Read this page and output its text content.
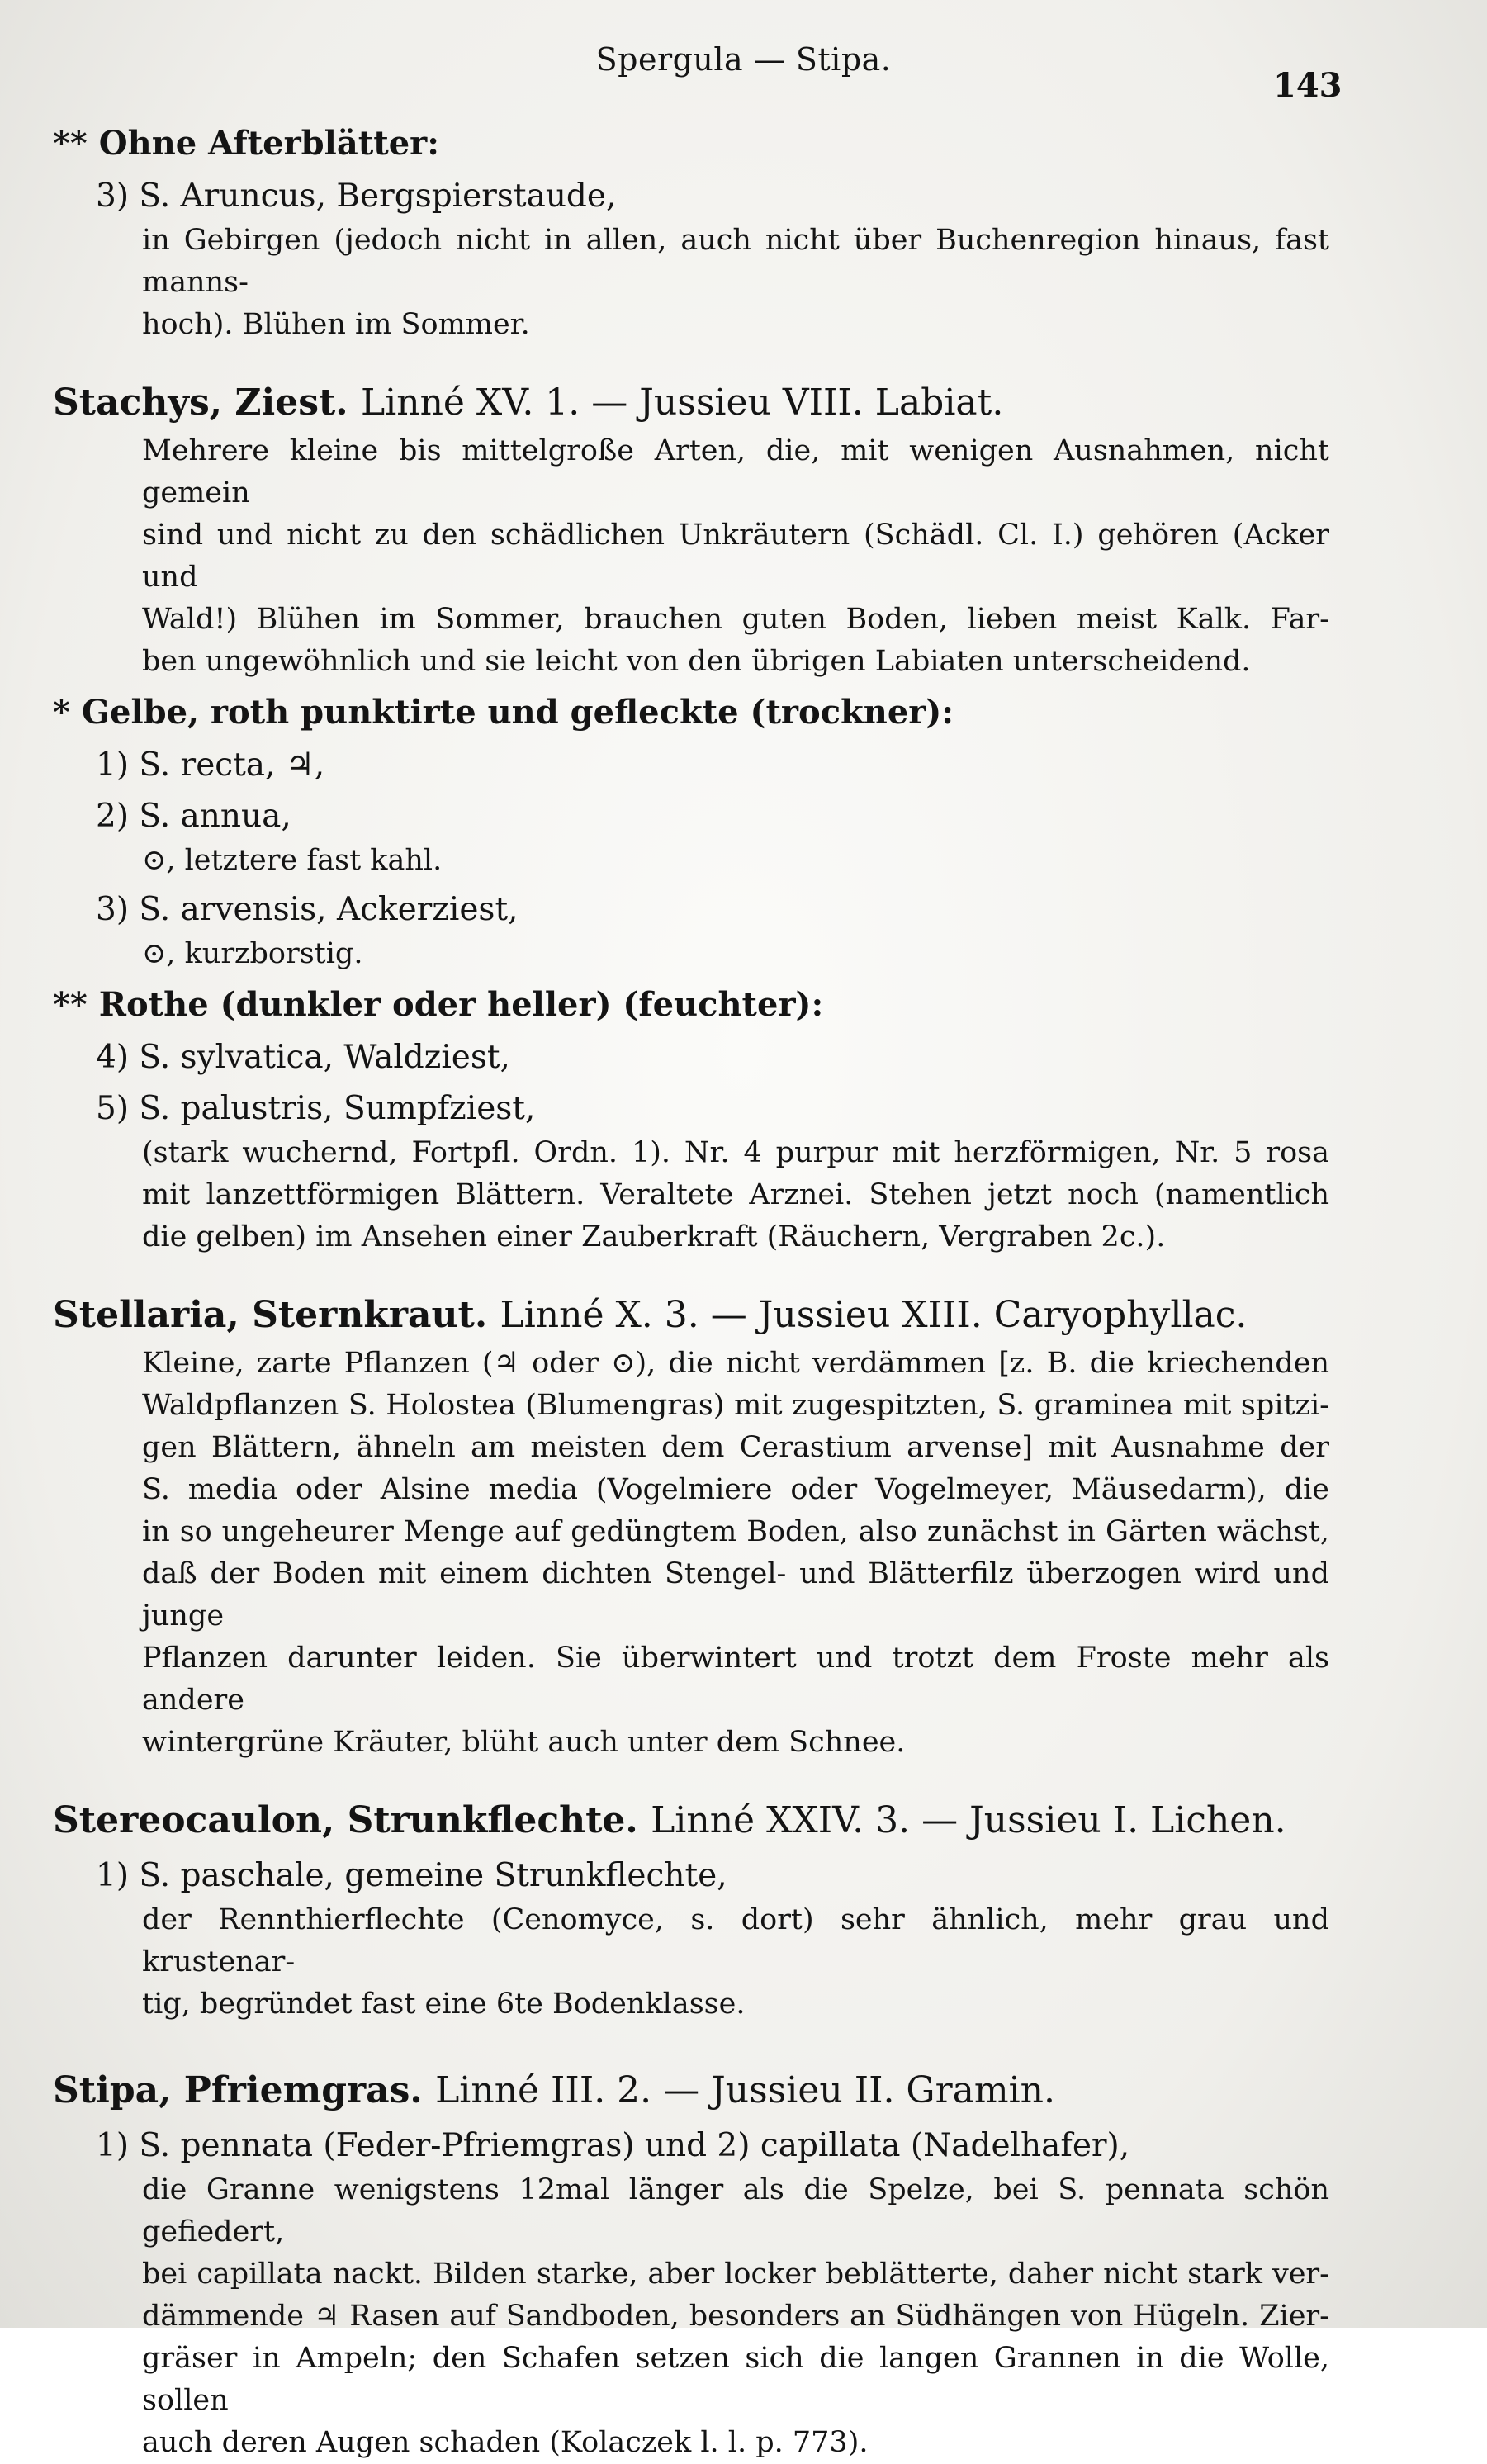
Spergula — Stipa.
143
** Ohne Afterblätter:
3) S. Aruncus, Bergspierstaude,
in Gebirgen (jedoch nicht in allen, auch nicht über Buchenregion hinaus, fast manns-
hoch). Blühen im Sommer.
Stachys, Ziest. Linné XV. 1. — Jussieu VIII. Labiat.
Mehrere kleine bis mittelgroße Arten, die, mit wenigen Ausnahmen, nicht gemein
sind und nicht zu den schädlichen Unkräutern (Schädl. Cl. I.) gehören (Acker und
Wald!) Blühen im Sommer, brauchen guten Boden, lieben meist Kalk. Far-
ben ungewöhnlich und sie leicht von den übrigen Labiaten unterscheidend.
* Gelbe, roth punktirte und gefleckte (trockner):
1) S. recta, ♃,
2) S. annua,
⊙, letztere fast kahl.
3) S. arvensis, Ackerziest,
⊙, kurzborstig.
** Rothe (dunkler oder heller) (feuchter):
4) S. sylvatica, Waldziest,
5) S. palustris, Sumpfziest,
(stark wuchernd, Fortpfl. Ordn. 1). Nr. 4 purpur mit herzförmigen, Nr. 5 rosa
mit lanzettförmigen Blättern. Veraltete Arznei. Stehen jetzt noch (namentlich
die gelben) im Ansehen einer Zauberkraft (Räuchern, Vergraben 2c.).
Stellaria, Sternkraut. Linné X. 3. — Jussieu XIII. Caryophyllac.
Kleine, zarte Pflanzen (♃ oder ⊙), die nicht verdämmen [z. B. die kriechenden
Waldpflanzen S. Holostea (Blumengras) mit zugespitzten, S. graminea mit spitzi-
gen Blättern, ähneln am meisten dem Cerastium arvense] mit Ausnahme der
S. media oder Alsine media (Vogelmiere oder Vogelmeyer, Mäusedarm), die
in so ungeheurer Menge auf gedüngtem Boden, also zunächst in Gärten wächst,
daß der Boden mit einem dichten Stengel- und Blätterfilz überzogen wird und junge
Pflanzen darunter leiden. Sie überwintert und trotzt dem Froste mehr als andere
wintergrüne Kräuter, blüht auch unter dem Schnee.
Stereocaulon, Strunkflechte. Linné XXIV. 3. — Jussieu I. Lichen.
1) S. paschale, gemeine Strunkflechte,
der Rennthierflechte (Cenomyce, s. dort) sehr ähnlich, mehr grau und krustenar-
tig, begründet fast eine 6te Bodenklasse.
Stipa, Pfriemgras. Linné III. 2. — Jussieu II. Gramin.
1) S. pennata (Feder-Pfriemgras) und 2) capillata (Nadelhafer),
die Granne wenigstens 12mal länger als die Spelze, bei S. pennata schön gefiedert,
bei capillata nackt. Bilden starke, aber locker beblätterte, daher nicht stark ver-
dämmende ♃ Rasen auf Sandboden, besonders an Südhängen von Hügeln. Zier-
gräser in Ampeln; den Schafen setzen sich die langen Grannen in die Wolle, sollen
auch deren Augen schaden (Kolaczek l. l. p. 773).
